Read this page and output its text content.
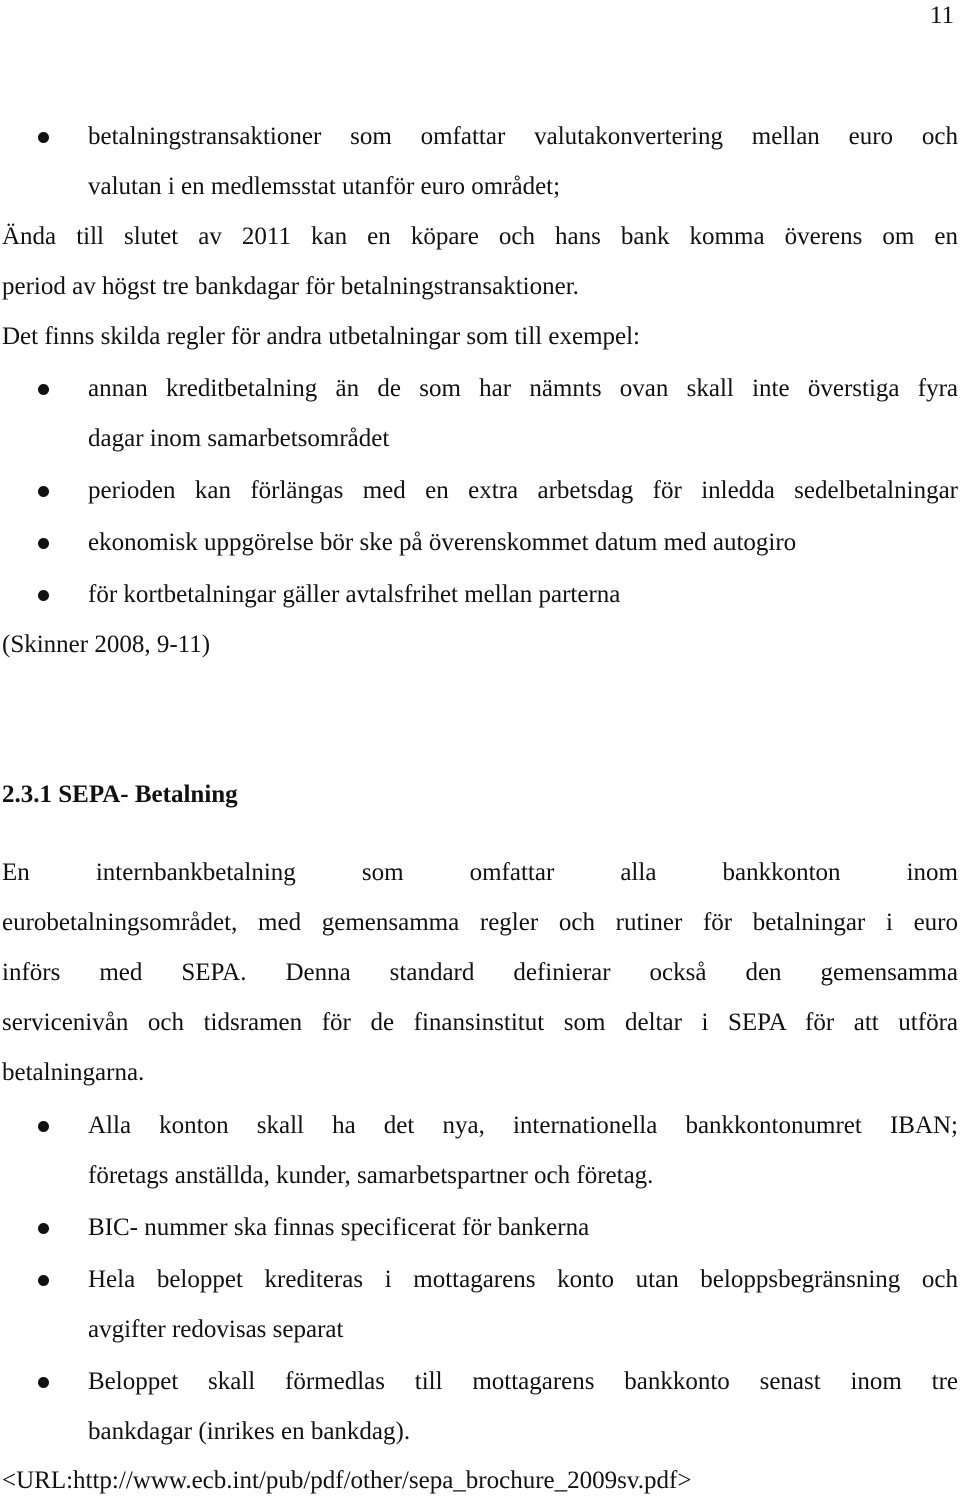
11
betalningstransaktioner som omfattar valutakonvertering mellan euro och
valutan i en medlemsstat utanför euro området;
Ända till slutet av 2011 kan en köpare och hans bank komma överens om en
period av högst tre bankdagar för betalningstransaktioner.
Det finns skilda regler för andra utbetalningar som till exempel:
annan kreditbetalning än de som har nämnts ovan skall inte överstiga fyra
dagar inom samarbetsområdet
perioden kan förlängas med en extra arbetsdag för inledda sedelbetalningar
ekonomisk uppgörelse bör ske på överenskommet datum med autogiro
för kortbetalningar gäller avtalsfrihet mellan parterna
(Skinner 2008, 9-11)
2.3.1 SEPA- Betalning
En internbankbetalning som omfattar alla bankkonton inom
eurobetalningsområdet, med gemensamma regler och rutiner för betalningar i euro
införs med SEPA. Denna standard definierar också den gemensamma
servicenivån och tidsramen för de finansinstitut som deltar i SEPA för att utföra
betalningarna.
Alla konton skall ha det nya, internationella bankkontonumret IBAN;
företags anställda, kunder, samarbetspartner och företag.
BIC- nummer ska finnas specificerat för bankerna
Hela beloppet krediteras i mottagarens konto utan beloppsbegränsning och
avgifter redovisas separat
Beloppet skall förmedlas till mottagarens bankkonto senast inom tre
bankdagar (inrikes en bankdag).
<URL:http://www.ecb.int/pub/pdf/other/sepa_brochure_2009sv.pdf>
